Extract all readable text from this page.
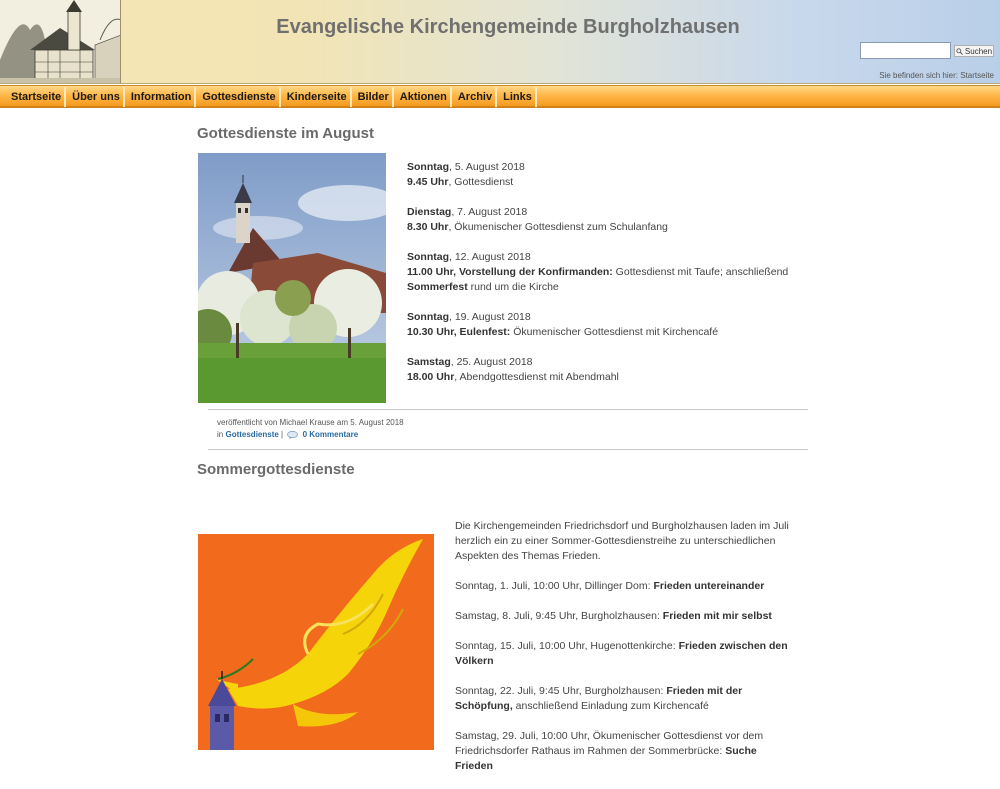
Evangelische Kirchengemeinde Burgholzhausen
Suchen
Sie befinden sich hier: Startseite
Startseite	Über uns	Information	Gottesdienste	Kinderseite	Bilder	Aktionen	Archiv	Links
Gottesdienste im August

Sonntag, 5. August 2018
9.45 Uhr, Gottesdienst

Dienstag, 7. August 2018
8.30 Uhr, Ökumenischer Gottesdienst zum Schulanfang

Sonntag, 12. August 2018
11.00 Uhr, Vorstellung der Konfirmanden: Gottesdienst mit Taufe; anschließend
Sommerfest rund um die Kirche

Sonntag, 19. August 2018
10.30 Uhr, Eulenfest: Ökumenischer Gottesdienst mit Kirchencafé

Samstag, 25. August 2018
18.00 Uhr, Abendgottesdienst mit Abendmahl

veröffentlicht von Michael Krause am 5. August 2018
in Gottesdienste | 0 Kommentare
Sommergottesdienste

Die Kirchengemeinden Friedrichsdorf und Burgholzhausen laden im Juli herzlich ein zu einer Sommer-Gottesdienstreihe zu unterschiedlichen Aspekten des Themas Frieden.

Sonntag, 1. Juli, 10:00 Uhr, Dillinger Dom: Frieden untereinander

Samstag, 8. Juli, 9:45 Uhr, Burgholzhausen: Frieden mit mir selbst

Sonntag, 15. Juli, 10:00 Uhr, Hugenottenkirche: Frieden zwischen den Völkern

Sonntag, 22. Juli, 9:45 Uhr, Burgholzhausen: Frieden mit der Schöpfung, anschließend Einladung zum Kirchencafé

Samstag, 29. Juli, 10:00 Uhr, Ökumenischer Gottesdienst vor dem Friedrichsdorfer Rathaus im Rahmen der Sommerbrücke: Suche Frieden
